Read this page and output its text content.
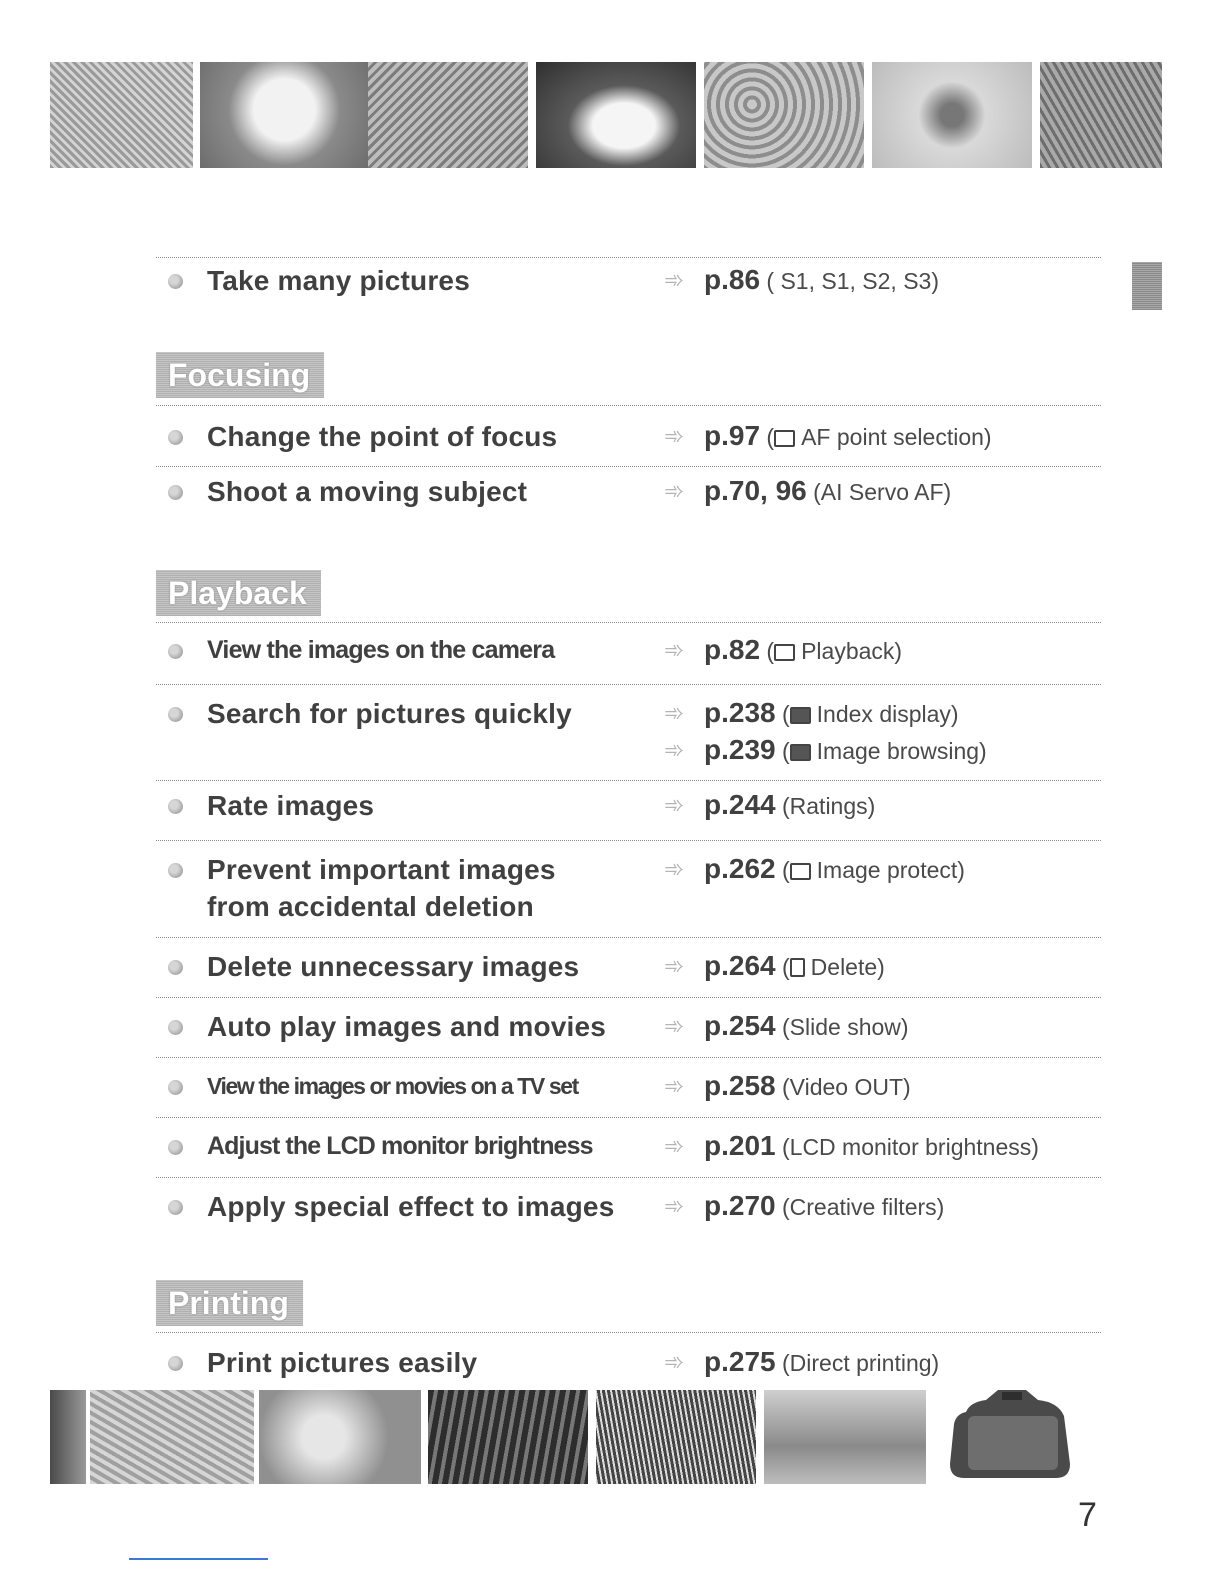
Take many pictures	➾ p.86 ( S1, S1, S2, S3)
Focusing
Change the point of focus	➾ p.97 ( AF point selection)
Shoot a moving subject	➾ p.70, 96 (AI Servo AF)
Playback
View the images on the camera	➾ p.82 ( Playback)
Search for pictures quickly	➾ p.238 ( Index display)
➾ p.239 ( Image browsing)
Rate images	➾ p.244 (Ratings)
Prevent important images
from accidental deletion
➾ p.262 ( Image protect)
Delete unnecessary images	➾ p.264 ( Delete)
Auto play images and movies ➾ p.254 (Slide show)
View the images or movies on a TV set	➾ p.258 (Video OUT)
Adjust the LCD monitor brightness	➾ p.201 (LCD monitor brightness)
Apply special effect to images ➾ p.270 (Creative filters)
Printing
Print pictures easily	➾ p.275 (Direct printing)
7
